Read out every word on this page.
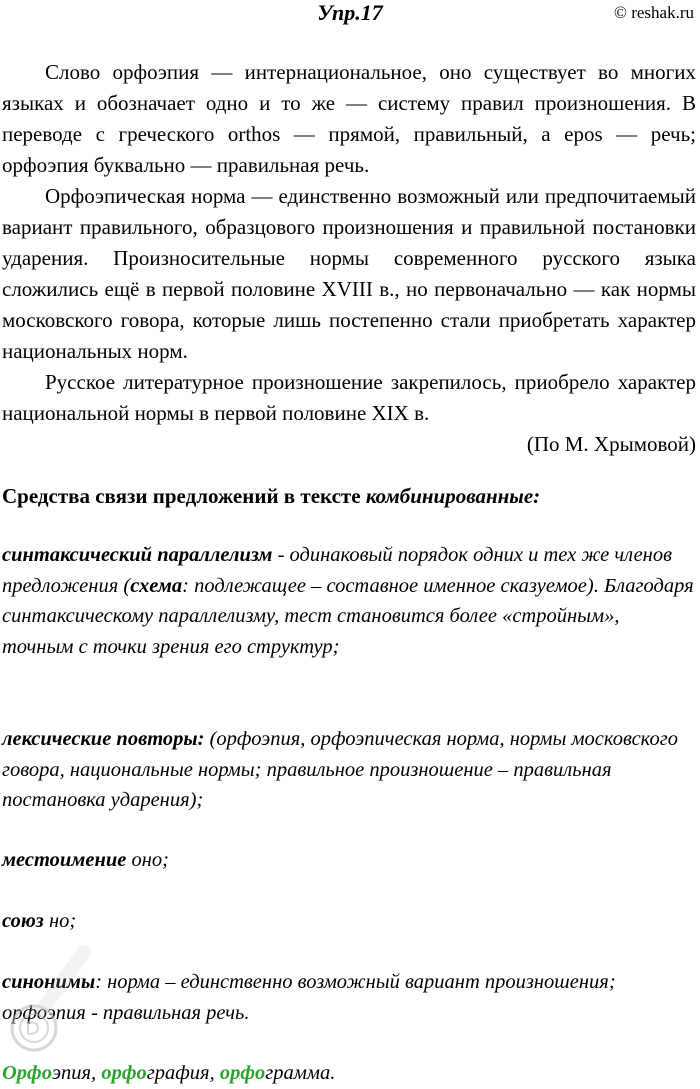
Упр.17	© reshak.ru

Слово орфоэпия — интернациональное, оно существует во многих языках и обозначает одно и то же — систему правил произношения. В переводе с греческого orthos — прямой, правильный, а epos — речь; орфоэпия буквально — правильная речь.

Орфоэпическая норма — единственно возможный или предпочитаемый вариант правильного, образцового произношения и правильной постановки ударения. Произносительные нормы современного русского языка сложились ещё в первой половине XVIII в., но первоначально — как нормы московского говора, которые лишь постепенно стали приобретать характер национальных норм.

Русское литературное произношение закрепилось, приобрело характер национальной нормы в первой половине XIX в.

(По М. Хрымовой)

Средства связи предложений в тексте комбинированные:
синтаксический параллелизм - одинаковый порядок одних и тех же членов предложения (схема: подлежащее – составное именное сказуемое). Благодаря синтаксическому параллелизму, тест становится более «стройным», точным с точки зрения его структур;
лексические повторы: (орфоэпия, орфоэпическая норма, нормы московского говора, национальные нормы; правильное произношение – правильная постановка ударения);
местоимение оно;
союз но;
синонимы: норма – единственно возможный вариант произношения; орфоэпия - правильная речь.
Орфоэпия, орфография, орфограмма.
